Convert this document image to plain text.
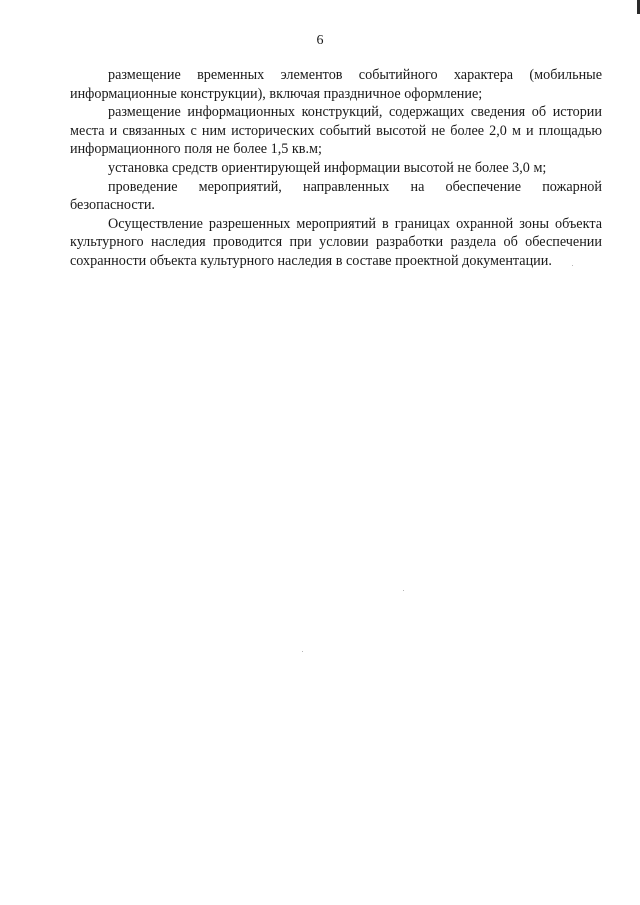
6

размещение временных элементов событийного характера (мобильные информационные конструкции), включая праздничное оформление;

размещение информационных конструкций, содержащих сведения об истории места и связанных с ним исторических событий высотой не более 2,0 м и площадью информационного поля не более 1,5 кв.м;

установка средств ориентирующей информации высотой не более 3,0 м;

проведение мероприятий, направленных на обеспечение пожарной безопасности.

Осуществление разрешенных мероприятий в границах охранной зоны объекта культурного наследия проводится при условии разработки раздела об обеспечении сохранности объекта культурного наследия в составе проектной документации.
